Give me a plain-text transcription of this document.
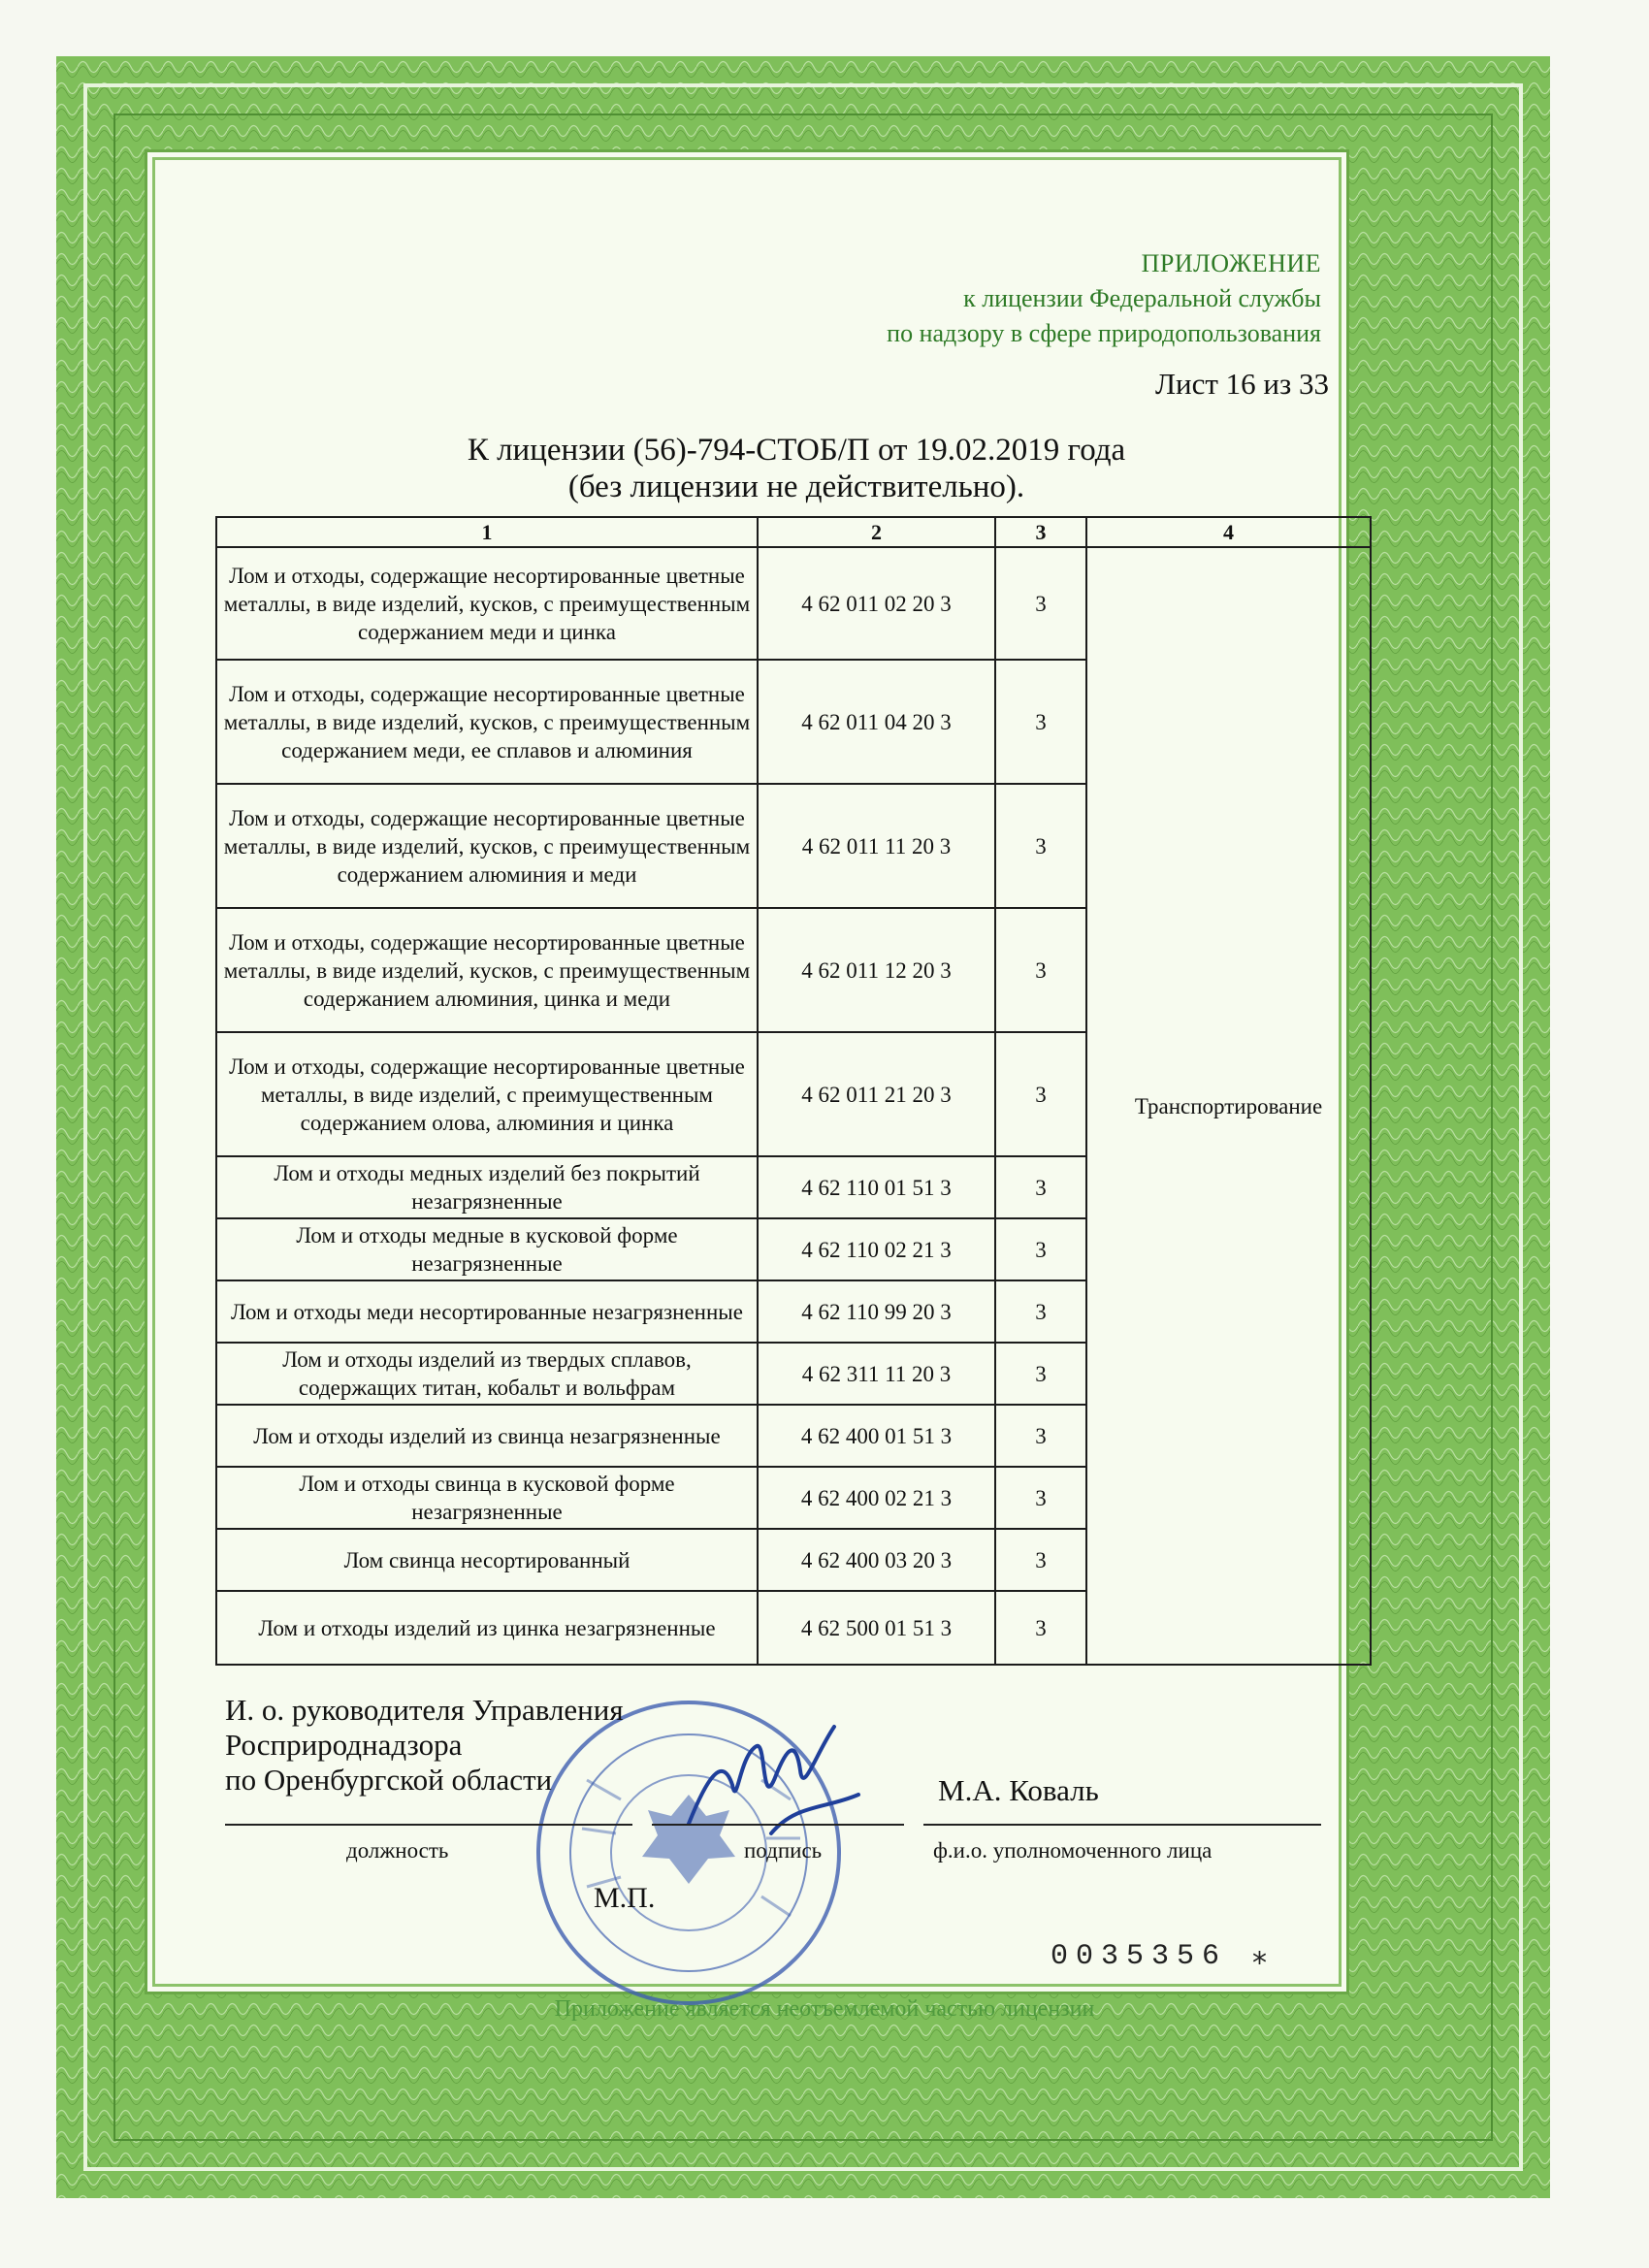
ПРИЛОЖЕНИЕ
к лицензии Федеральной службы
по надзору в сфере природопользования
Лист 16 из 33
К лицензии (56)-794-СТОБ/П от 19.02.2019 года
(без лицензии не действительно).
1	2	3	4
Лом и отходы, содержащие несортированные цветные металлы, в виде изделий, кусков, с преимущественным содержанием меди и цинка	4 62 011 02 20 3	3	Транспортирование
Лом и отходы, содержащие несортированные цветные металлы, в виде изделий, кусков, с преимущественным содержанием меди, ее сплавов и алюминия	4 62 011 04 20 3	3	
Лом и отходы, содержащие несортированные цветные металлы, в виде изделий, кусков, с преимущественным содержанием алюминия и меди	4 62 011 11 20 3	3	
Лом и отходы, содержащие несортированные цветные металлы, в виде изделий, кусков, с преимущественным содержанием алюминия, цинка и меди	4 62 011 12 20 3	3	
Лом и отходы, содержащие несортированные цветные металлы, в виде изделий, с преимущественным содержанием олова, алюминия и цинка	4 62 011 21 20 3	3	
Лом и отходы медных изделий без покрытий незагрязненные	4 62 110 01 51 3	3	
Лом и отходы медные в кусковой форме незагрязненные	4 62 110 02 21 3	3	
Лом и отходы меди несортированные незагрязненные	4 62 110 99 20 3	3	
Лом и отходы изделий из твердых сплавов, содержащих титан, кобальт и вольфрам	4 62 311 11 20 3	3	
Лом и отходы изделий из свинца незагрязненные	4 62 400 01 51 3	3	
Лом и отходы свинца в кусковой форме незагрязненные	4 62 400 02 21 3	3	
Лом свинца несортированный	4 62 400 03 20 3	3	
Лом и отходы изделий из цинка незагрязненные	4 62 500 01 51 3	3	
И. о. руководителя Управления
Росприроднадзора
по Оренбургской области	М.А. Коваль
должность	подпись	ф.и.о. уполномоченного лица
М.П.
0035356 ⁎
Приложение является неотъемлемой частью лицензии
